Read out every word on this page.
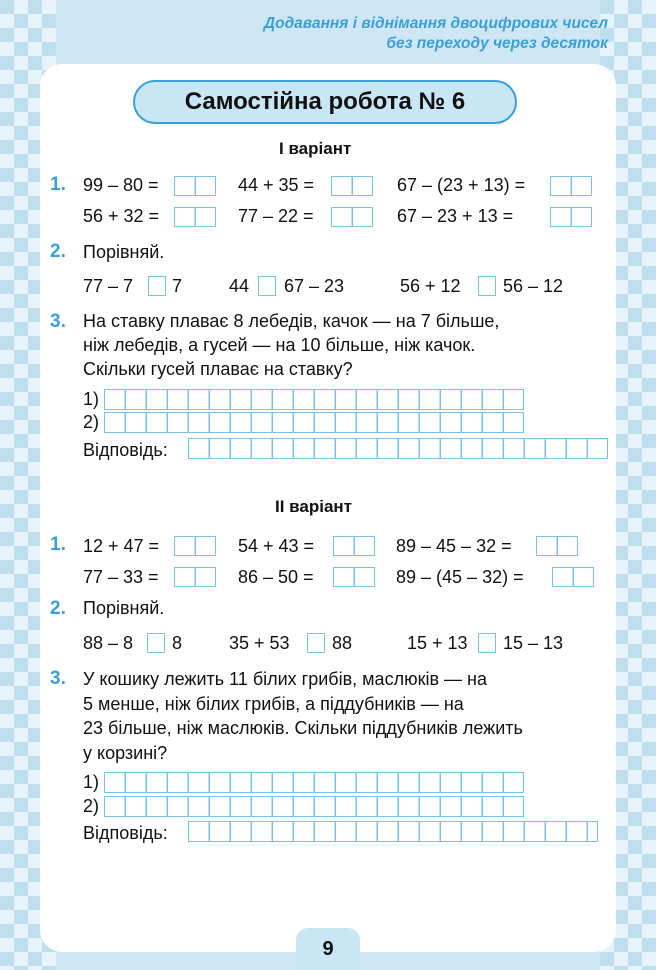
Додавання і віднімання двоцифрових чисел
без переходу через десяток
Самостійна робота № 6
І варіант
1. 99 – 80 =	44 + 35 =	67 – (23 + 13) =
56 + 32 =	77 – 22 =	67 – 23 + 13 =
2. Порівняй.
77 – 7 7	44 67 – 23	56 + 12 56 – 12
3. На ставку плаває 8 лебедів, качок — на 7 більше,
ніж лебедів, а гусей — на 10 більше, ніж качок.
Скільки гусей плаває на ставку?
1)
2)
Відповідь:
ІІ варіант
1. 12 + 47 =	54 + 43 =	89 – 45 – 32 =
77 – 33 =	86 – 50 =	89 – (45 – 32) =
2. Порівняй.
88 – 8 8	35 + 53 88	15 + 13 15 – 13
3. У кошику лежить 11 білих грибів, маслюків — на
5 менше, ніж білих грибів, а піддубників — на
23 більше, ніж маслюків. Скільки піддубників лежить
у корзині?
1)
2)
Відповідь:
9
